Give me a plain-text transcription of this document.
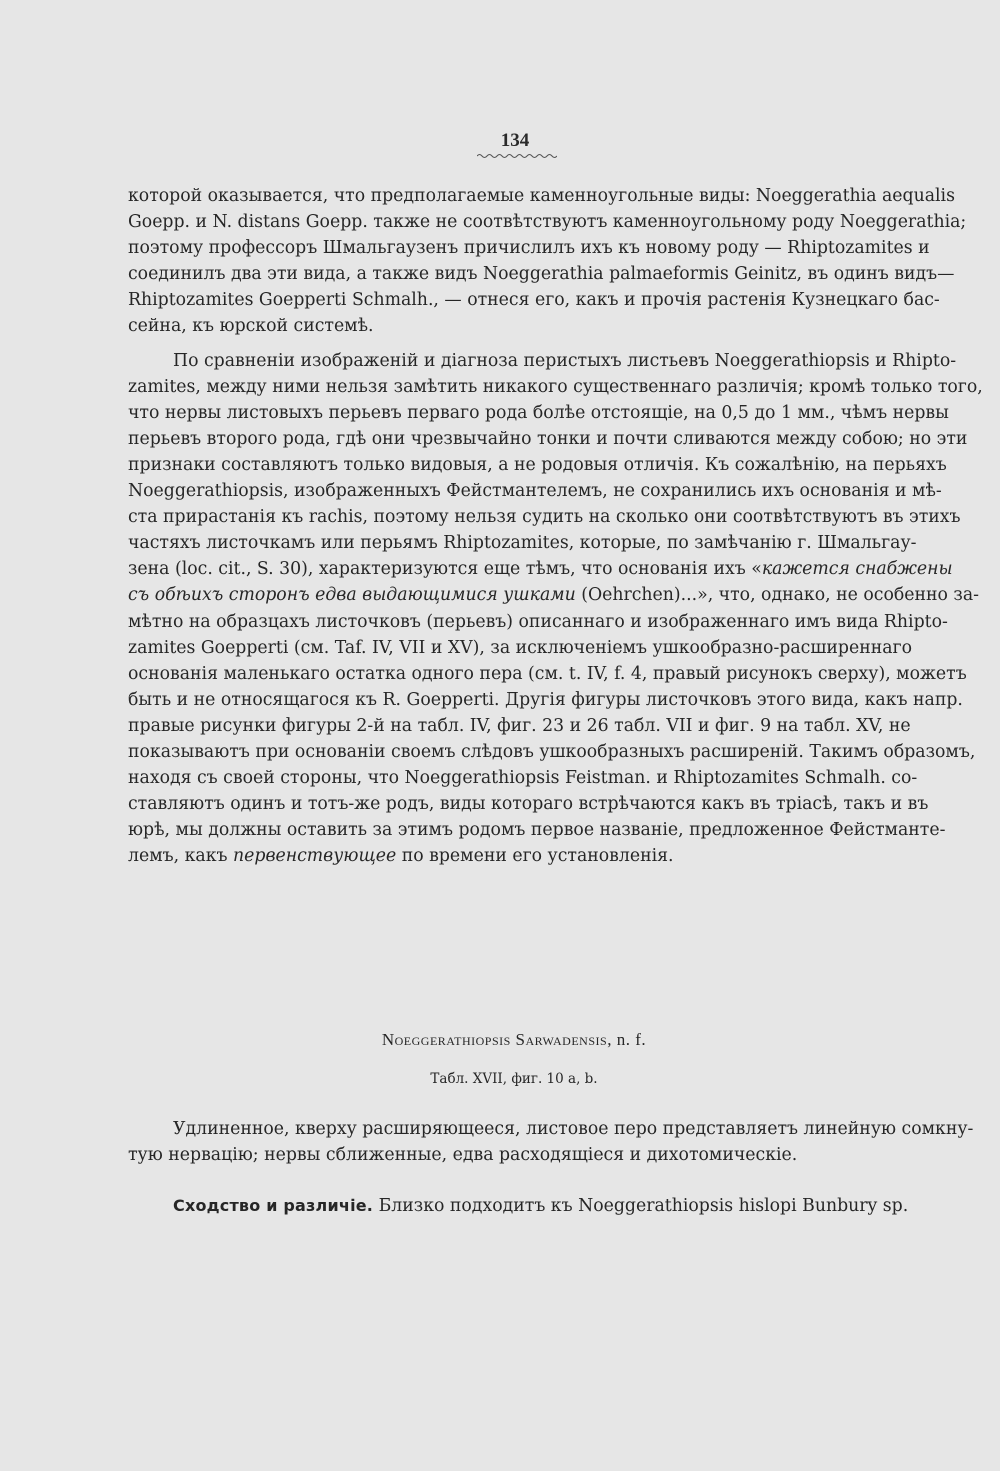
134

которой оказывается, что предполагаемые каменноугольные виды: Noeggerathia aequalis
Goepp. и N. distans Goepp. также не соотвѣтствуютъ каменноугольному роду Noeggerathia;
поэтому профессоръ Шмальгаузенъ причислилъ ихъ къ новому роду — Rhiptozamites и
соединилъ два эти вида, а также видъ Noeggerathia palmaeformis Geinitz, въ одинъ видъ—
Rhiptozamites Goepperti Schmalh., — отнеся его, какъ и прочія растенія Кузнецкаго бас-
сейна, къ юрской системѣ.

По сравненіи изображеній и діагноза перистыхъ листьевъ Noeggerathiopsis и Rhipto-
zamites, между ними нельзя замѣтить никакого существеннаго различія; кромѣ только того,
что нервы листовыхъ перьевъ перваго рода болѣе отстоящіе, на 0,5 до 1 мм., чѣмъ нервы
перьевъ второго рода, гдѣ они чрезвычайно тонки и почти сливаются между собою; но эти
признаки составляютъ только видовыя, а не родовыя отличія. Къ сожалѣнію, на перьяхъ
Noeggerathiopsis, изображенныхъ Фейстмантелемъ, не сохранились ихъ основанія и мѣ-
ста прирастанія къ rachis, поэтому нельзя судить на сколько они соотвѣтствуютъ въ этихъ
частяхъ листочкамъ или перьямъ Rhiptozamites, которые, по замѣчанію г. Шмальгау-
зена (loc. cit., S. 30), характеризуются еще тѣмъ, что основанія ихъ «кажется снабжены
съ обѣихъ сторонъ едва выдающимися ушками (Oehrchen)...», что, однако, не особенно за-
мѣтно на образцахъ листочковъ (перьевъ) описаннаго и изображеннаго имъ вида Rhipto-
zamites Goepperti (см. Taf. IV, VII и XV), за исключеніемъ ушкообразно-расширеннаго
основанія маленькаго остатка одного пера (см. t. IV, f. 4, правый рисунокъ сверху), можетъ
быть и не относящагося къ R. Goepperti. Другія фигуры листочковъ этого вида, какъ напр.
правые рисунки фигуры 2-й на табл. IV, фиг. 23 и 26 табл. VII и фиг. 9 на табл. XV, не
показываютъ при основаніи своемъ слѣдовъ ушкообразныхъ расширеній. Такимъ образомъ,
находя съ своей стороны, что Noeggerathiopsis Feistman. и Rhiptozamites Schmalh. со-
ставляютъ одинъ и тотъ-же родъ, виды котораго встрѣчаются какъ въ тріасѣ, такъ и въ
юрѣ, мы должны оставить за этимъ родомъ первое названіе, предложенное Фейстманте-
лемъ, какъ первенствующее по времени его установленія.

Noeggerathiopsis Sarwadensis, n. f.
Табл. XVII, фиг. 10 а, b.
Удлиненное, кверху расширяющееся, листовое перо представляетъ линейную сомкну-
тую нервацію; нервы сближенные, едва расходящіеся и дихотомическіе.
Сходство и различіе. Близко подходитъ къ Noeggerathiopsis hislopi Bunbury sp.
